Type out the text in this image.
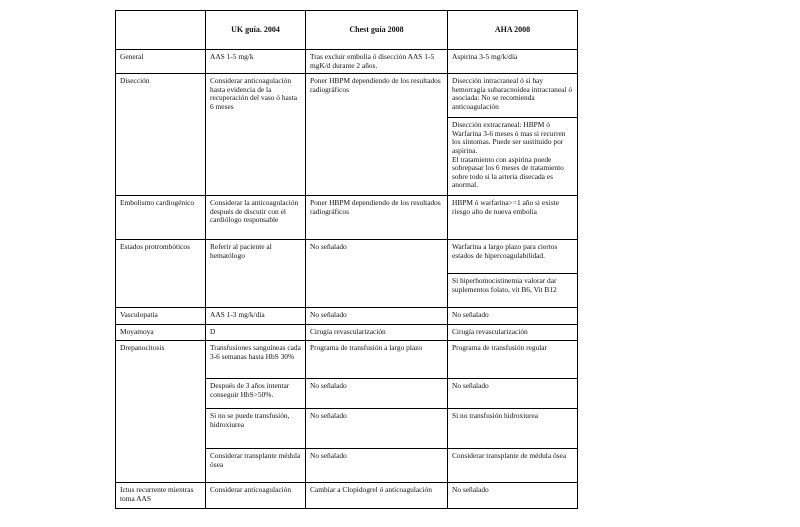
	UK guía. 2004	Chest guía 2008	AHA 2008
General	AAS 1-5 mg/k	Tras excluir embolia ó disección AAS 1-5 mgK/d durante 2 años.	Aspirina 3-5 mg/k/día
Disección	Considerar anticoagulación hasta evidencia de la recuperación del vaso ó hasta 6 meses	Poner HBPM dependiendo de los resultados radiográficos	Disección intracraneal ó si hay hemorragia subaracnoidea intracraneal ó asociada: No se recomienda anticoagulación
			Disección extracraneal: HBPM ó Warfarina 3-6 meses ó mas si recurren los síntomas. Puede ser sustituido por aspirina.
El tratamiento con aspirina puede sobrepasar los 6 meses de tratamiento sobre todo si la arteria disecada es anormal.
Embolismo cardiogénico	Considerar la anticoagulación después de discutir con el cardiólogo responsable	Poner HBPM dependiendo de los resultados radiográficos	HBPM ó warfarina>=1 año si existe riesgo alto de nueva embolia
Estados protrombóticos	Referir al paciente al hematólogo	No señalado	Warfarina a largo plazo para ciertos estados de hipercoagulabilidad.
			Si hiperhomocistinemia valorar dar suplementos folato, vit B6, Vit B12
Vasculopatía	AAS 1-3 mg/k/día	No señalado	No señalado
Moyamoya	D	Cirugía revascularización	Cirugía revascularización
Drepanocitosis	Transfusiones sanguíneas cada 3-6 semanas hasta HbS 30%	Programa de transfusión a largo plazo	Programa de transfusión regular
	Después de 3 años intentar conseguir HbS>50%.	No señalado	No señalado
	Si no se puede transfusión, hidroxiurea	No señalado	Si no transfusión hidroxiurea
	Considerar transplante médula ósea	No señalado	Considerar transplante de médula ósea
Ictus recurrente mientras toma AAS	Considerar anticoagulación	Cambiar a Clopidogrel ó anticoagulación	No señalado
